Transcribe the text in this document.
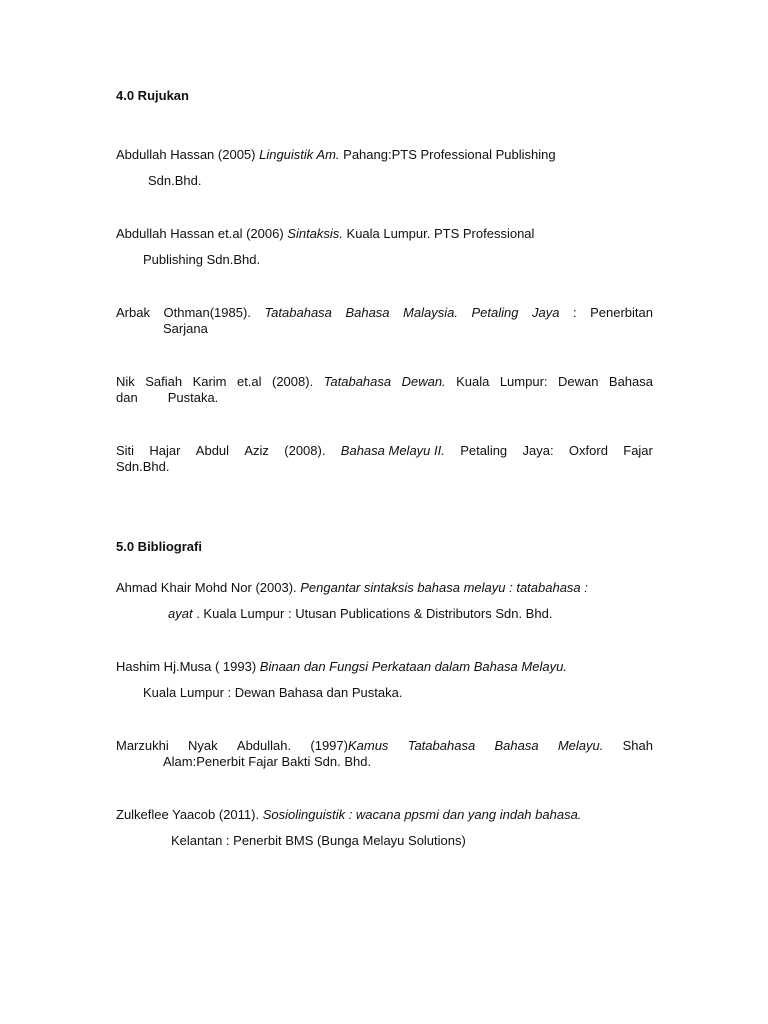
4.0 Rujukan
Abdullah Hassan (2005) Linguistik Am. Pahang:PTS Professional Publishing
Sdn.Bhd.
Abdullah Hassan et.al (2006) Sintaksis. Kuala Lumpur. PTS Professional
Publishing Sdn.Bhd.
Arbak Othman(1985). Tatabahasa Bahasa Malaysia. Petaling Jaya : Penerbitan
Sarjana
Nik Safiah Karim et.al (2008). Tatabahasa Dewan. Kuala Lumpur: Dewan Bahasa
dan Pustaka.
Siti Hajar Abdul Aziz (2008). Bahasa Melayu II. Petaling Jaya: Oxford Fajar
Sdn.Bhd.
5.0 Bibliografi
Ahmad Khair Mohd Nor (2003). Pengantar sintaksis bahasa melayu : tatabahasa :
ayat . Kuala Lumpur : Utusan Publications & Distributors Sdn. Bhd.
Hashim Hj.Musa ( 1993) Binaan dan Fungsi Perkataan dalam Bahasa Melayu.
Kuala Lumpur : Dewan Bahasa dan Pustaka.
Marzukhi Nyak Abdullah. (1997)Kamus Tatabahasa Bahasa Melayu. Shah
Alam:Penerbit Fajar Bakti Sdn. Bhd.
Zulkeflee Yaacob (2011). Sosiolinguistik : wacana ppsmi dan yang indah bahasa.
Kelantan : Penerbit BMS (Bunga Melayu Solutions)
